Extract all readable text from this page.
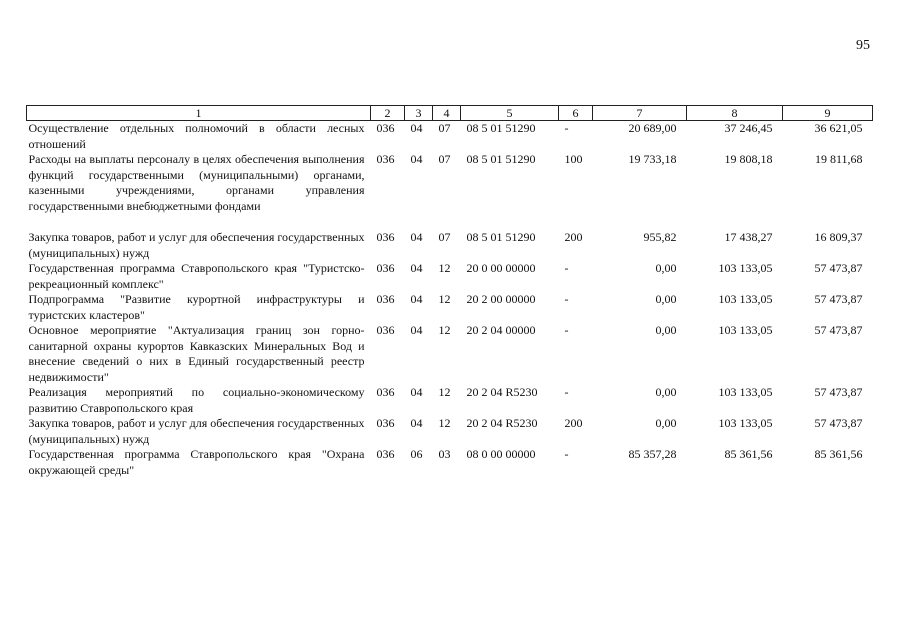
95
1	2	3	4	5	6	7	8	9
Осуществление отдельных полномочий в области лесных отношений	036	04	07	08 5 01 51290	-	20 689,00	37 246,45	36 621,05
Расходы на выплаты персоналу в целях обеспечения выполнения функций государственными (муниципальными) органами, казенными учреждениями, органами управления государственными внебюджетными фондами	036	04	07	08 5 01 51290	100	19 733,18	19 808,18	19 811,68

Закупка товаров, работ и услуг для обеспечения государственных (муниципальных) нужд	036	04	07	08 5 01 51290	200	955,82	17 438,27	16 809,37
Государственная программа Ставропольского края "Туристско-рекреационный комплекс"	036	04	12	20 0 00 00000	-	0,00	103 133,05	57 473,87
Подпрограмма "Развитие курортной инфраструктуры и туристских кластеров"	036	04	12	20 2 00 00000	-	0,00	103 133,05	57 473,87
Основное мероприятие "Актуализация границ зон горно-санитарной охраны курортов Кавказских Минеральных Вод и внесение сведений о них в Единый государственный реестр недвижимости"	036	04	12	20 2 04 00000	-	0,00	103 133,05	57 473,87
Реализация мероприятий по социально-экономическому развитию Ставропольского края	036	04	12	20 2 04 R5230	-	0,00	103 133,05	57 473,87
Закупка товаров, работ и услуг для обеспечения государственных (муниципальных) нужд	036	04	12	20 2 04 R5230	200	0,00	103 133,05	57 473,87
Государственная программа Ставропольского края "Охрана окружающей среды"	036	06	03	08 0 00 00000	-	85 357,28	85 361,56	85 361,56
